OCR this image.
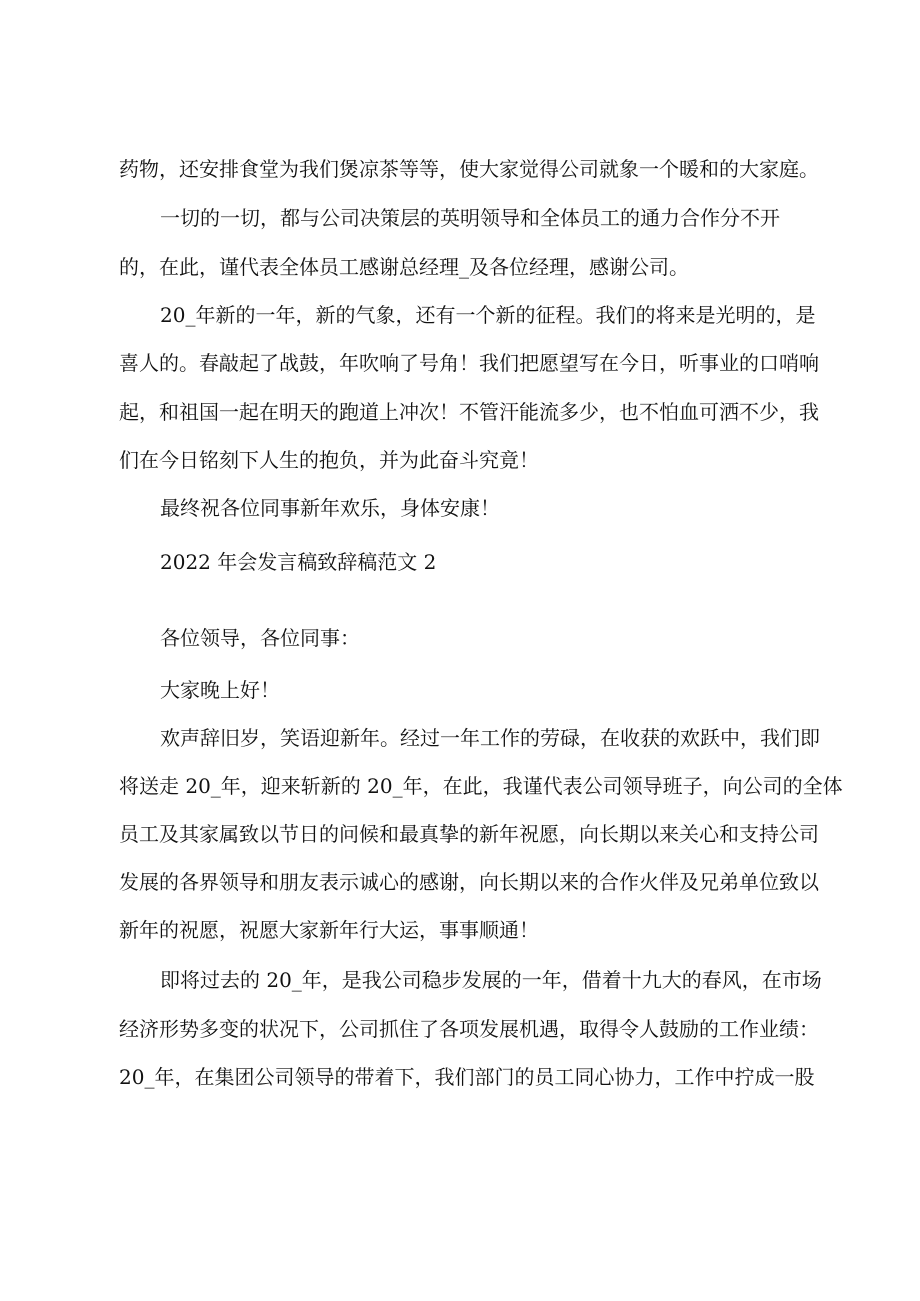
药物，还安排食堂为我们煲凉茶等等，使大家觉得公司就象一个暖和的大家庭。
一切的一切，都与公司决策层的英明领导和全体员工的通力合作分不开
的，在此，谨代表全体员工感谢总经理_及各位经理，感谢公司。
20_年新的一年，新的气象，还有一个新的征程。我们的将来是光明的，是
喜人的。春敲起了战鼓，年吹响了号角！我们把愿望写在今日，听事业的口哨响
起，和祖国一起在明天的跑道上冲次！不管汗能流多少，也不怕血可洒不少，我
们在今日铭刻下人生的抱负，并为此奋斗究竟！
最终祝各位同事新年欢乐，身体安康！
2022 年会发言稿致辞稿范文 2
各位领导，各位同事：
大家晚上好！
欢声辞旧岁，笑语迎新年。经过一年工作的劳碌，在收获的欢跃中，我们即
将送走 20_年，迎来斩新的 20_年，在此，我谨代表公司领导班子，向公司的全体
员工及其家属致以节日的问候和最真挚的新年祝愿，向长期以来关心和支持公司
发展的各界领导和朋友表示诚心的感谢，向长期以来的合作火伴及兄弟单位致以
新年的祝愿，祝愿大家新年行大运，事事顺通！
即将过去的 20_年，是我公司稳步发展的一年，借着十九大的春风，在市场
经济形势多变的状况下，公司抓住了各项发展机遇，取得令人鼓励的工作业绩：
20_年，在集团公司领导的带着下，我们部门的员工同心协力，工作中拧成一股
